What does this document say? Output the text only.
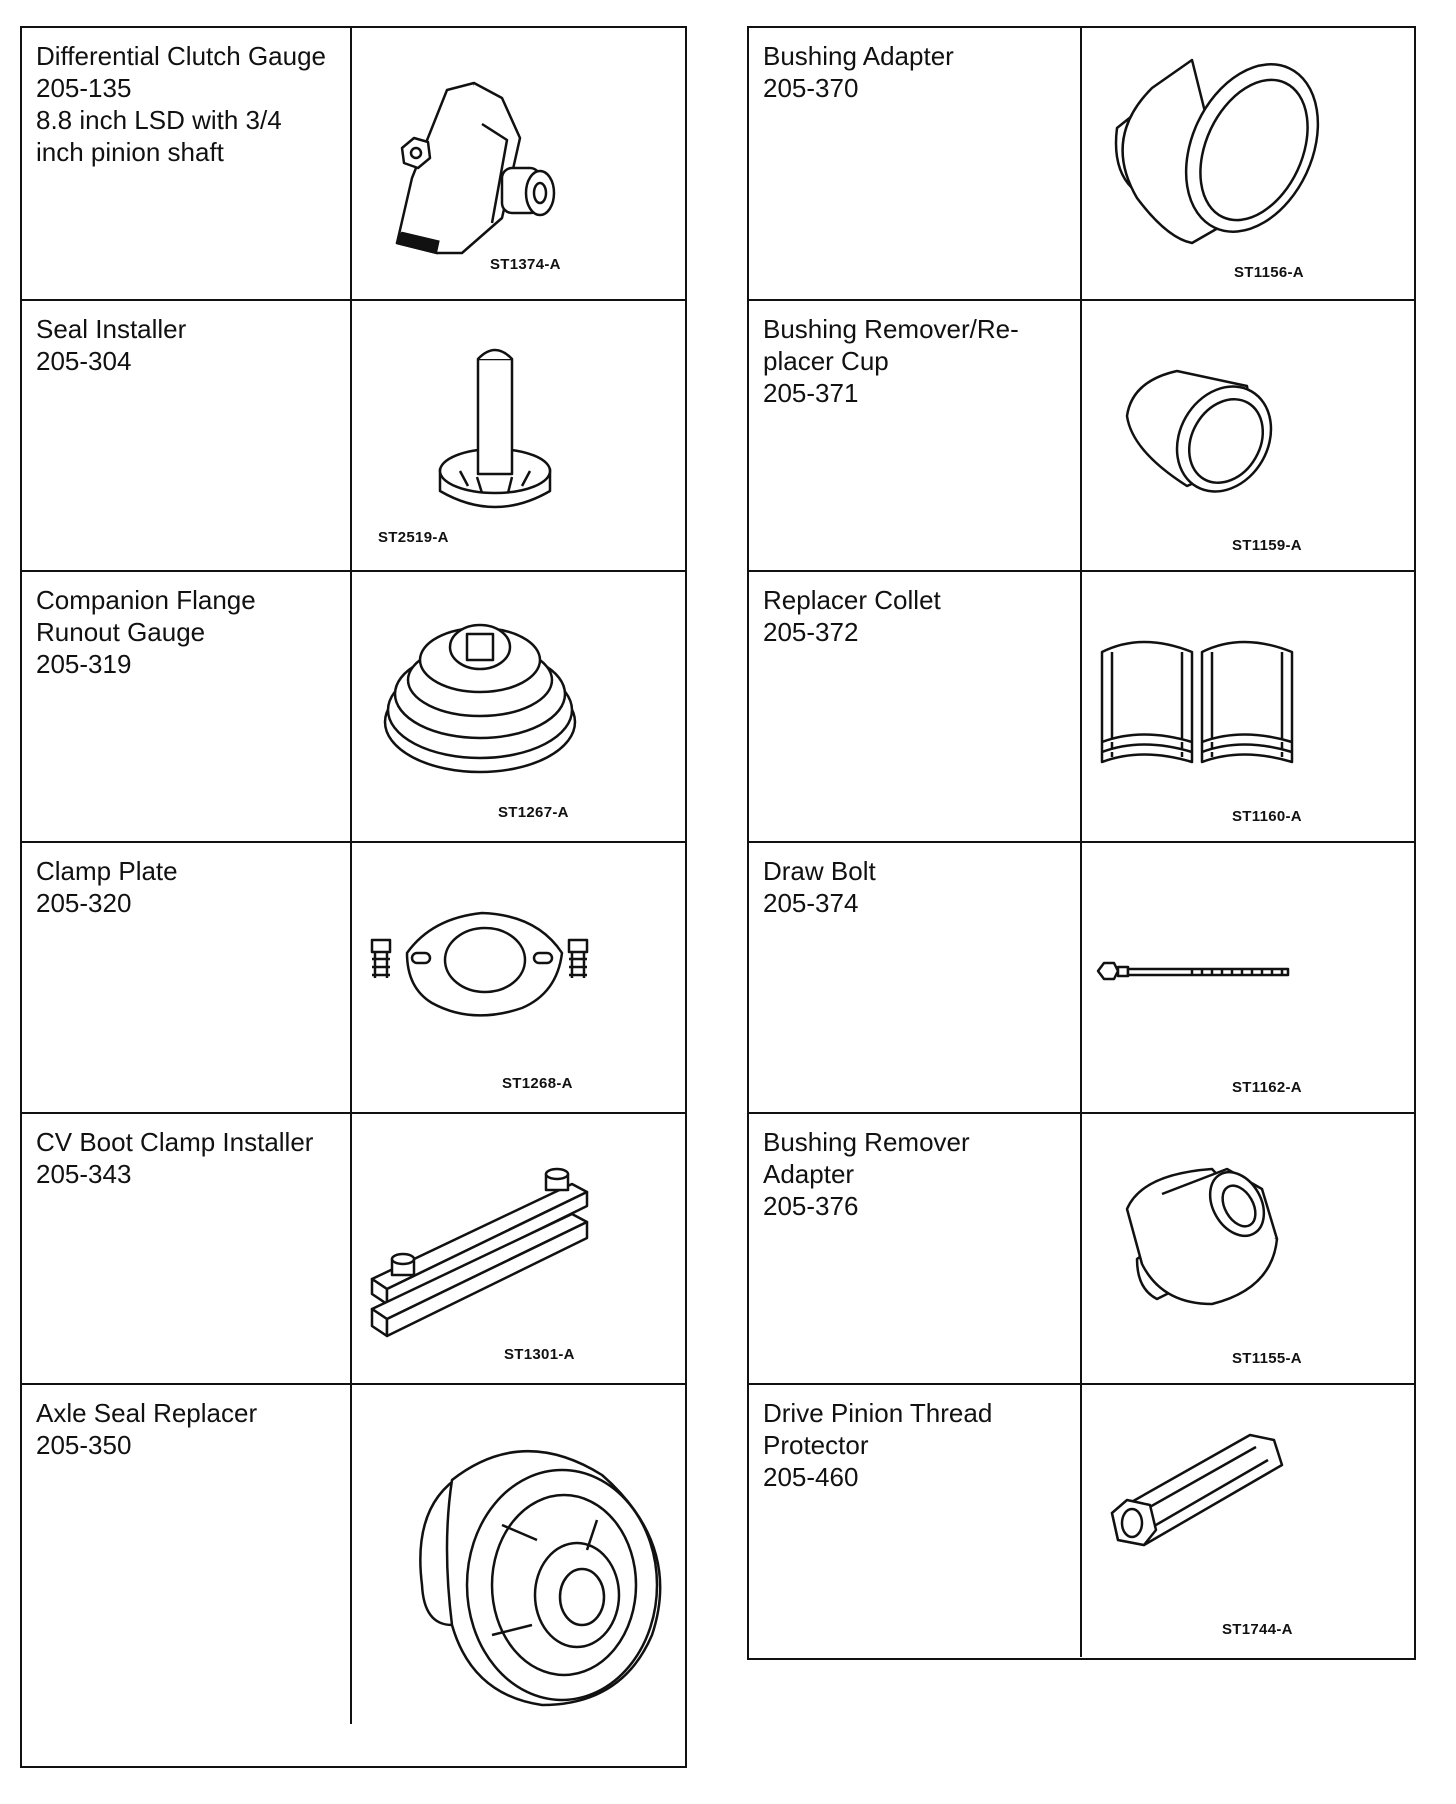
Differential Clutch Gauge
205-135
8.8 inch LSD with 3/4
inch pinion shaft
ST1374-A
Seal Installer
205-304
ST2519-A
Companion Flange
Runout Gauge
205-319
ST1267-A
Clamp Plate
205-320
ST1268-A
CV Boot Clamp Installer
205-343
ST1301-A
Axle Seal Replacer
205-350
Bushing Adapter
205-370
ST1156-A
Bushing Remover/Re-
placer Cup
205-371
ST1159-A
Replacer Collet
205-372
ST1160-A
Draw Bolt
205-374
ST1162-A
Bushing Remover
Adapter
205-376
ST1155-A
Drive Pinion Thread
Protector
205-460
ST1744-A
